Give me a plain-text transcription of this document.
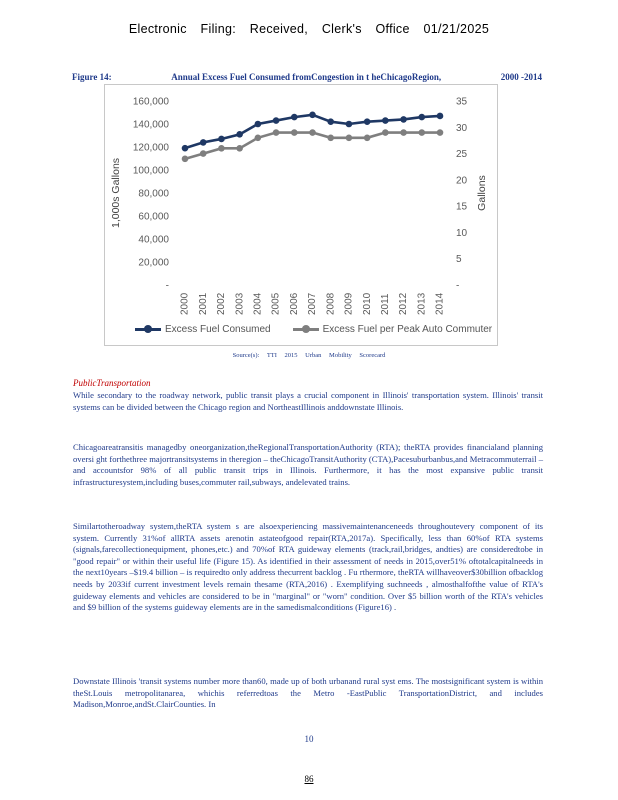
Electronic Filing: Received, Clerk's Office 01/21/2025
Figure 14:	Annual Excess Fuel Consumed fromCongestion in t heChicagoRegion,	2000 -2014
-
20,000
40,000
60,000
80,000
100,000
120,000
140,000
160,000
-
5
10
15
20
25
30
35
2000 2001 2002 2003 2004 2005 2006 2007 2008 2009 2010 2011 2012 2013 2014
1,000s Gallons	Gallons
Excess Fuel Consumed	Excess Fuel per Peak Auto Commuter
Source(s): TTI 2015 Urban Mobility Scorecard
PublicTransportation
While secondary to the roadway network, public transit plays a crucial component in Illinois' transportation system. Illinois' transit systems can be divided between the Chicago region and NortheastIllinois anddownstate Illinois.
Chicagoareatransitis managedby oneorganization,theRegionalTransportationAuthority (RTA); theRTA provides financialand planning oversi ght forthethree majortransitsystems in theregion – theChicagoTransitAuthority (CTA),Pacesuburbanbus,and Metracommuterrail – and accountsfor 98% of all public transit trips in Illinois. Furthermore, it has the most expansive public transit infrastructuresystem,including buses,commuter rail,subways, andelevated trains.
Similartotheroadway system,theRTA system s are alsoexperiencing massivemaintenanceneeds throughoutevery component of its system. Currently 31%of allRTA assets arenotin astateofgood repair(RTA,2017a). Specifically, less than 60%of RTA systems (signals,farecollectionequipment, phones,etc.) and 70%of RTA guideway elements (track,rail,bridges, andties) are consideredtobe in "good repair" or within their useful life (Figure 15). As identified in their assessment of needs in 2015,over51% oftotalcapitalneeds in the next10years –$19.4 billion – is requiredto only address thecurrent backlog . Fu rthermore, theRTA willhaveover$30billion ofbacklog needs by 2033if current investment levels remain thesame (RTA,2016) . Exemplifying suchneeds , almosthalfofthe value of RTA's guideway elements and vehicles are considered to be in "marginal" or "worn" condition. Over $5 billion worth of the RTA's vehicles and $9 billion of the systems guideway elements are in the samedismalconditions (Figure16) .
Downstate Illinois 'transit systems number more than60, made up of both urbanand rural syst ems. The mostsignificant system is within theSt.Louis metropolitanarea, whichis referredtoas the Metro -EastPublic TransportationDistrict, and includes Madison,Monroe,andSt.ClairCounties. In
10
86
